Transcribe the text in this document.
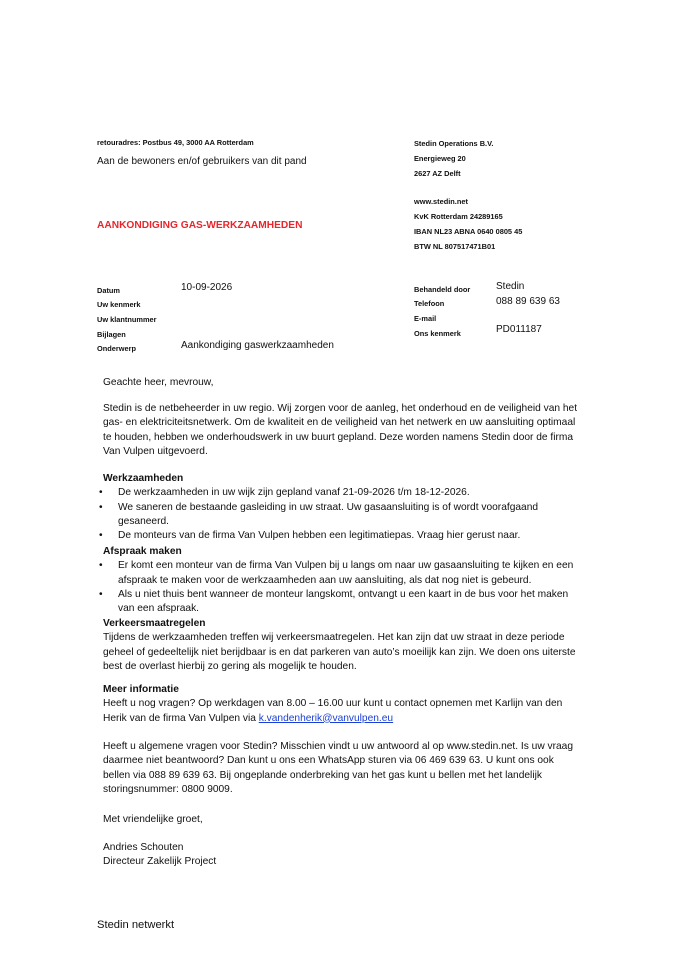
retouradres: Postbus 49, 3000 AA Rotterdam
Aan de bewoners en/of gebruikers van dit pand
AANKONDIGING GAS-WERKZAAMHEDEN
Stedin Operations B.V.
Energieweg 20
2627 AZ Delft
www.stedin.net
KvK Rotterdam 24289165
IBAN NL23 ABNA 0640 0805 45
BTW NL 807517471B01
Datum	10-09-2026
Uw kenmerk
Uw klantnummer
Bijlagen
Onderwerp	Aankondiging gaswerkzaamheden
Behandeld door	Stedin
Telefoon	088 89 639 63
E-mail
Ons kenmerk	PD011187

Geachte heer, mevrouw,

Stedin is de netbeheerder in uw regio. Wij zorgen voor de aanleg, het onderhoud en de veiligheid van het gas- en elektriciteitsnetwerk. Om de kwaliteit en de veiligheid van het netwerk en uw aansluiting optimaal te houden, hebben we onderhoudswerk in uw buurt gepland. Deze worden namens Stedin door de firma Van Vulpen uitgevoerd.

Werkzaamheden

• De werkzaamheden in uw wijk zijn gepland vanaf 21-09-2026 t/m 18-12-2026.
• We saneren de bestaande gasleiding in uw straat. Uw gasaansluiting is of wordt voorafgaand gesaneerd.
• De monteurs van de firma Van Vulpen hebben een legitimatiepas. Vraag hier gerust naar.

Afspraak maken

• Er komt een monteur van de firma Van Vulpen bij u langs om naar uw gasaansluiting te kijken en een afspraak te maken voor de werkzaamheden aan uw aansluiting, als dat nog niet is gebeurd.
• Als u niet thuis bent wanneer de monteur langskomt, ontvangt u een kaart in de bus voor het maken van een afspraak.

Verkeersmaatregelen

Tijdens de werkzaamheden treffen wij verkeersmaatregelen. Het kan zijn dat uw straat in deze periode geheel of gedeeltelijk niet berijdbaar is en dat parkeren van auto’s moeilijk kan zijn. We doen ons uiterste best de overlast hierbij zo gering als mogelijk te houden.

Meer informatie

Heeft u nog vragen? Op werkdagen van 8.00 – 16.00 uur kunt u contact opnemen met Karlijn van den Herik van de firma Van Vulpen via k.vandenherik@vanvulpen.eu

Heeft u algemene vragen voor Stedin? Misschien vindt u uw antwoord al op www.stedin.net. Is uw vraag daarmee niet beantwoord? Dan kunt u ons een WhatsApp sturen via 06 469 639 63. U kunt ons ook bellen via 088 89 639 63. Bij ongeplande onderbreking van het gas kunt u bellen met het landelijk storingsnummer: 0800 9009.

Met vriendelijke groet,

Andries Schouten

Directeur Zakelijk Project

Stedin netwerkt
